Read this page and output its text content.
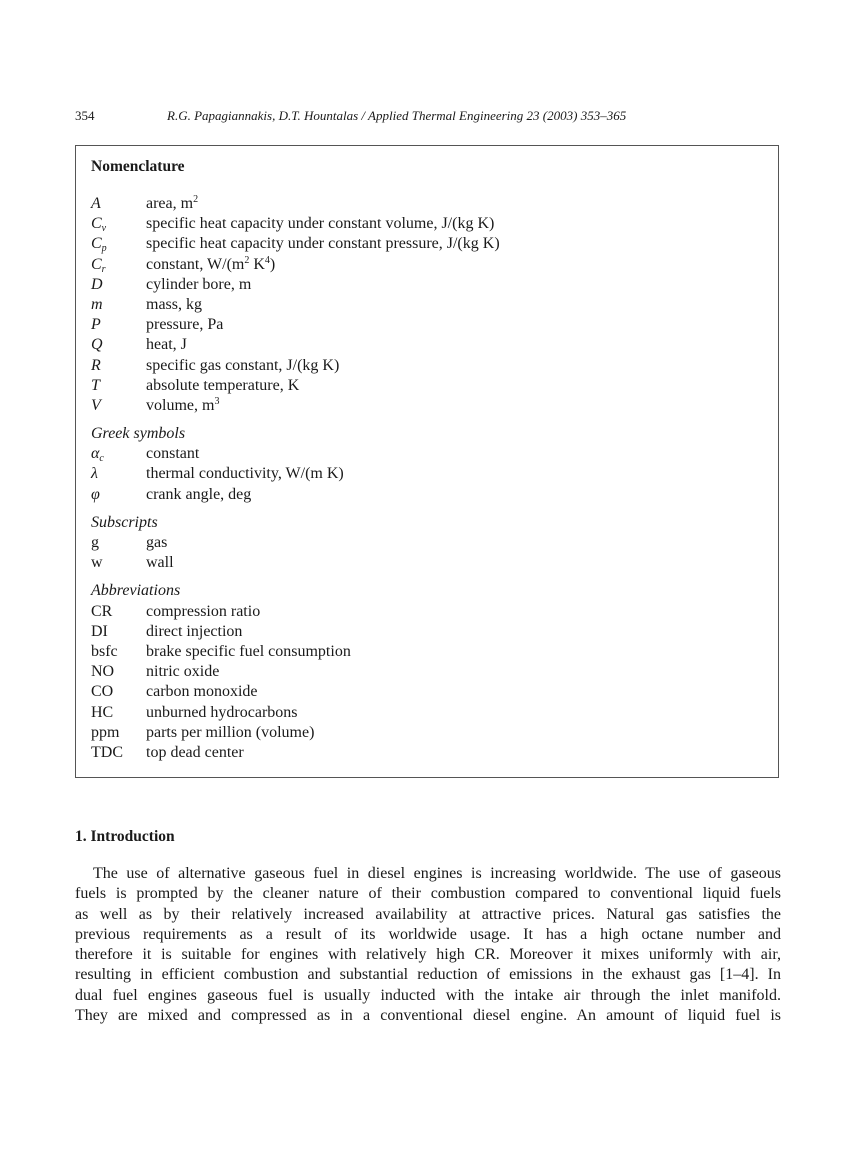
354	R.G. Papagiannakis, D.T. Hountalas / Applied Thermal Engineering 23 (2003) 353–365
Nomenclature
A	area, $m^2$
$C_v$	specific heat capacity under constant volume, J/(kg K)
$C_p$	specific heat capacity under constant pressure, J/(kg K)
$C_r$	constant, $W/(m^2$ $K^4$)
D	cylinder bore, m
m	mass, kg
P	pressure, Pa
Q	heat, J
R	specific gas constant, J/(kg K)
T	absolute temperature, K
V	volume, $m^3$
Greek symbols
$\alpha_c$	constant
λ	thermal conductivity, W/(m K)
φ	crank angle, deg
Subscripts
g	gas
w	wall
Abbreviations
CR	compression ratio
DI	direct injection
bsfc	brake specific fuel consumption
NO	nitric oxide
CO	carbon monoxide
HC	unburned hydrocarbons
ppm	parts per million (volume)
TDC	top dead center
1. Introduction
The use of alternative gaseous fuel in diesel engines is increasing worldwide. The use of gaseous
fuels is prompted by the cleaner nature of their combustion compared to conventional liquid fuels
as well as by their relatively increased availability at attractive prices. Natural gas satisfies the
previous requirements as a result of its worldwide usage. It has a high octane number and
therefore it is suitable for engines with relatively high CR. Moreover it mixes uniformly with air,
resulting in efficient combustion and substantial reduction of emissions in the exhaust gas [1–4]. In
dual fuel engines gaseous fuel is usually inducted with the intake air through the inlet manifold.
They are mixed and compressed as in a conventional diesel engine. An amount of liquid fuel is
